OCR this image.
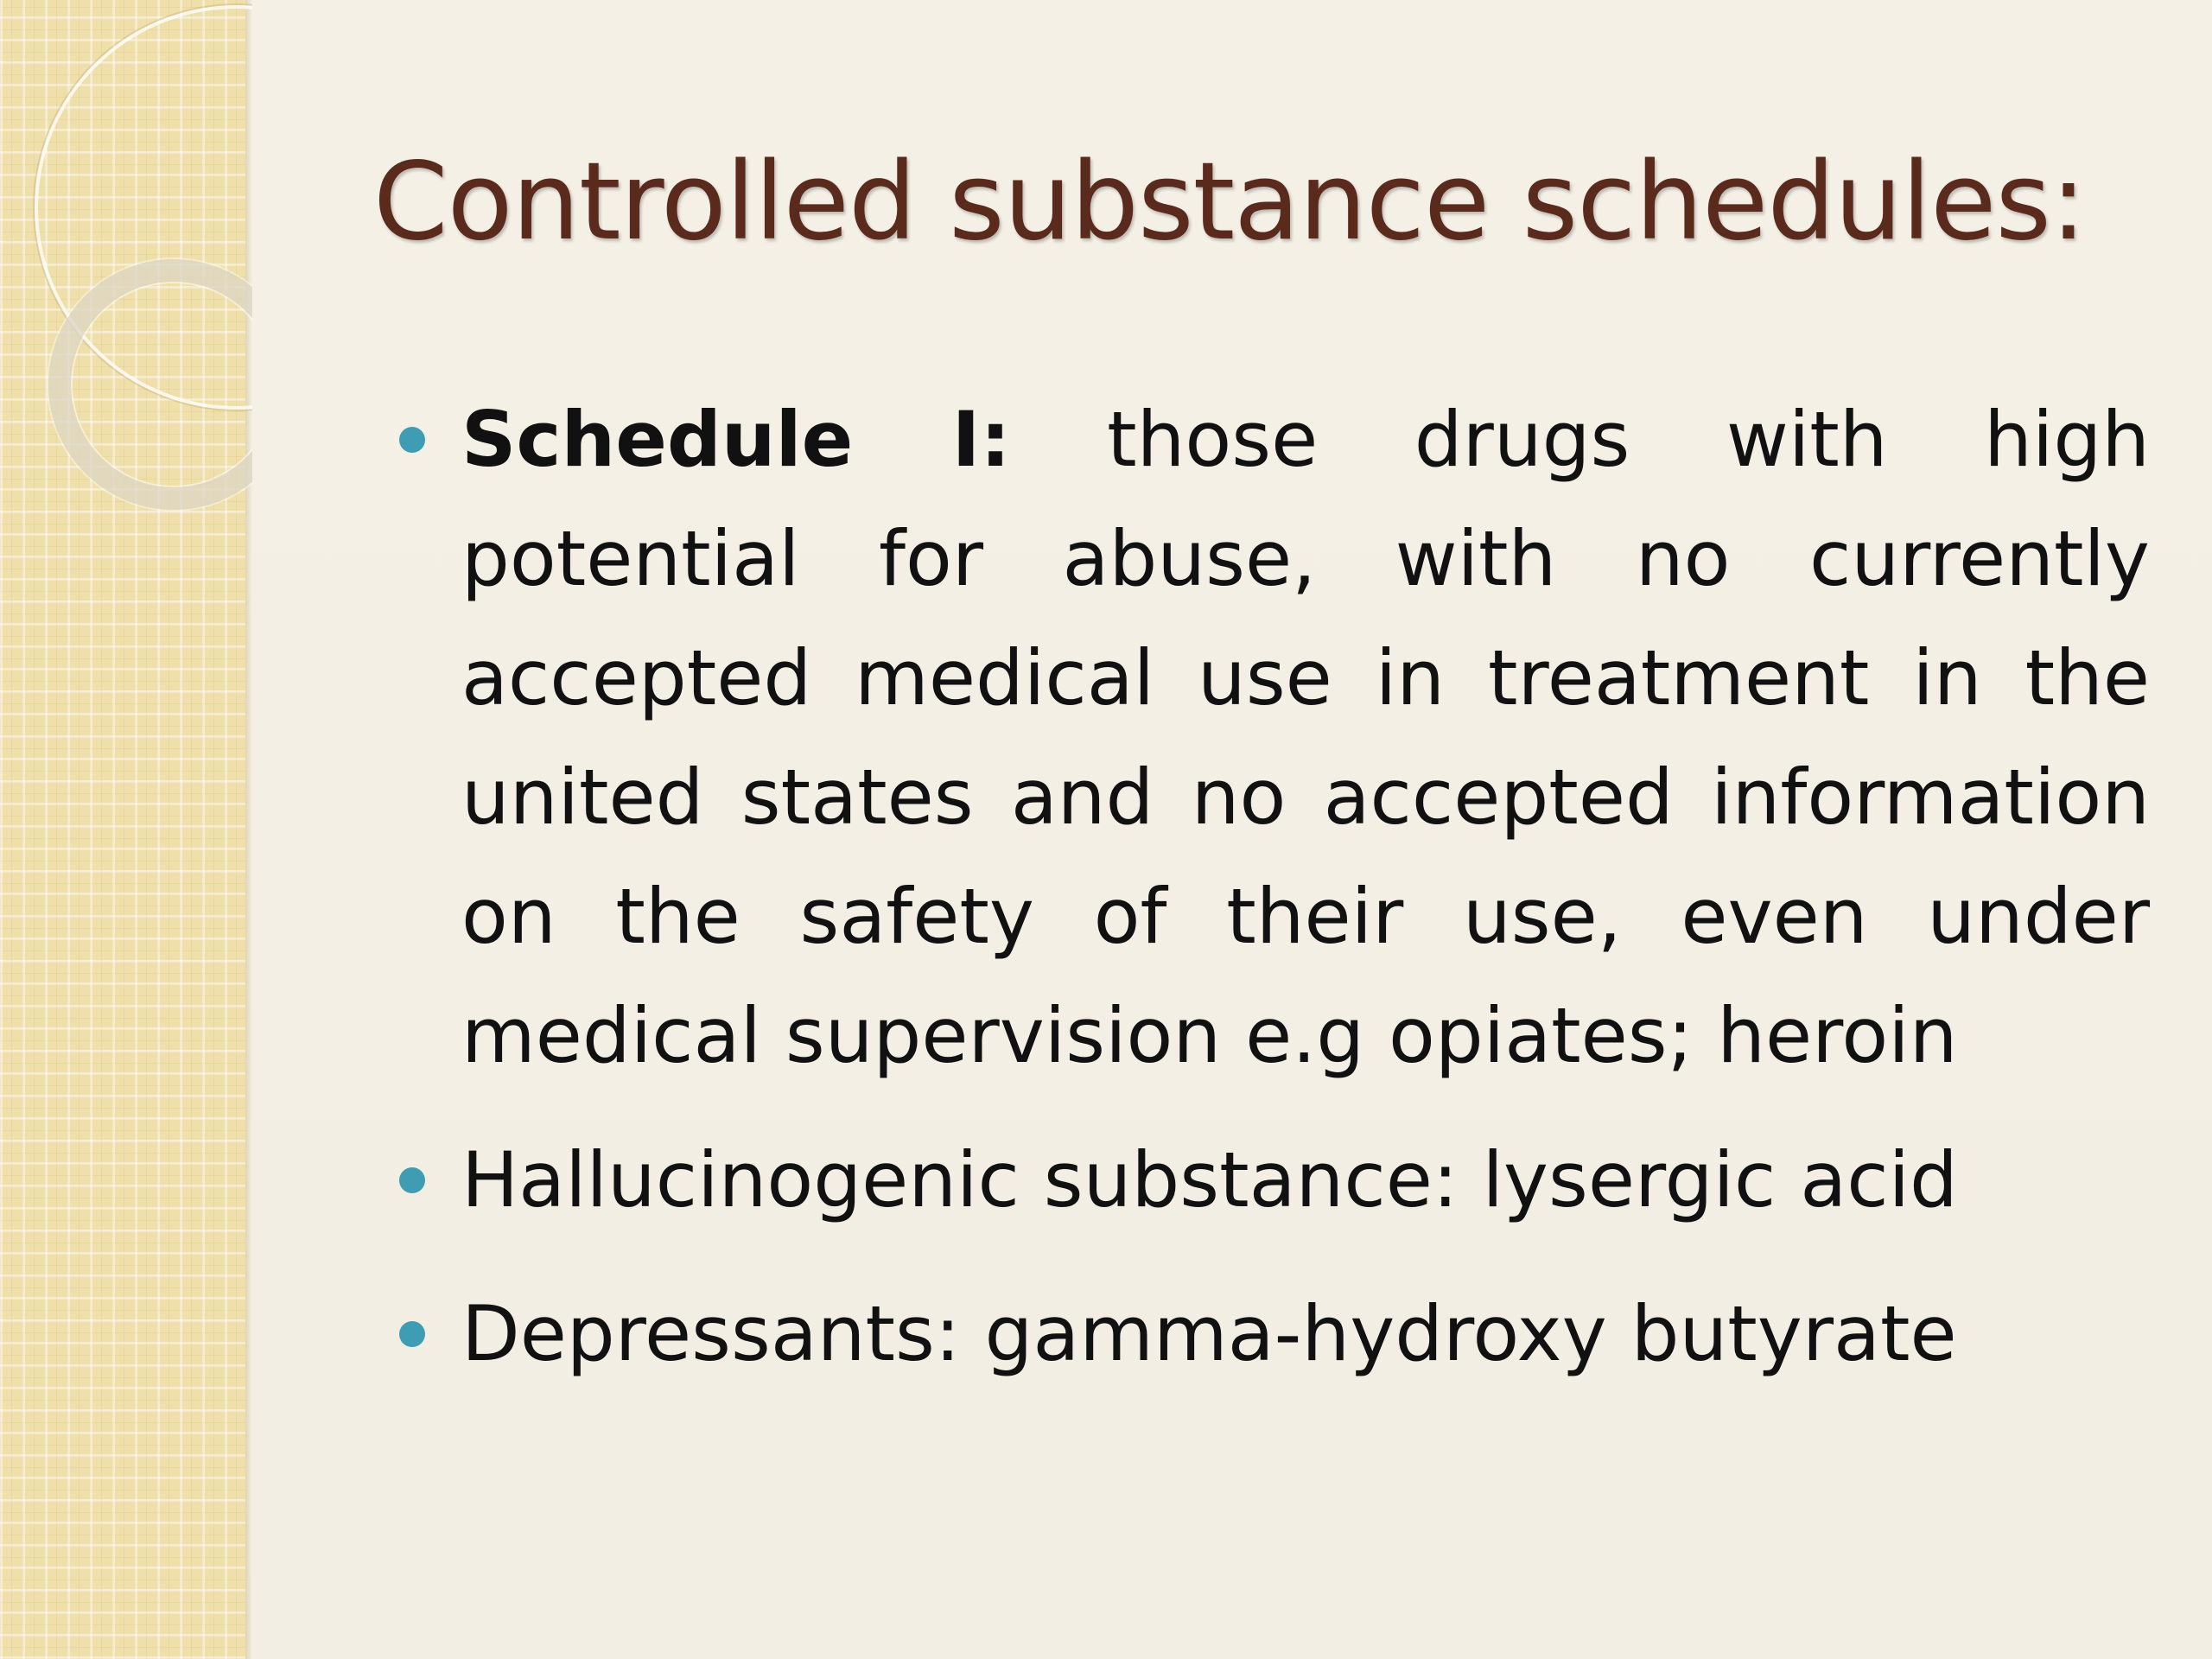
Controlled substance schedules:
Schedule I: those drugs with high potential for abuse, with no currently accepted medical use in treatment in the united states and no accepted information on the safety of their use, even under medical supervision e.g opiates; heroin
Hallucinogenic substance: lysergic acid
Depressants: gamma-hydroxy butyrate
